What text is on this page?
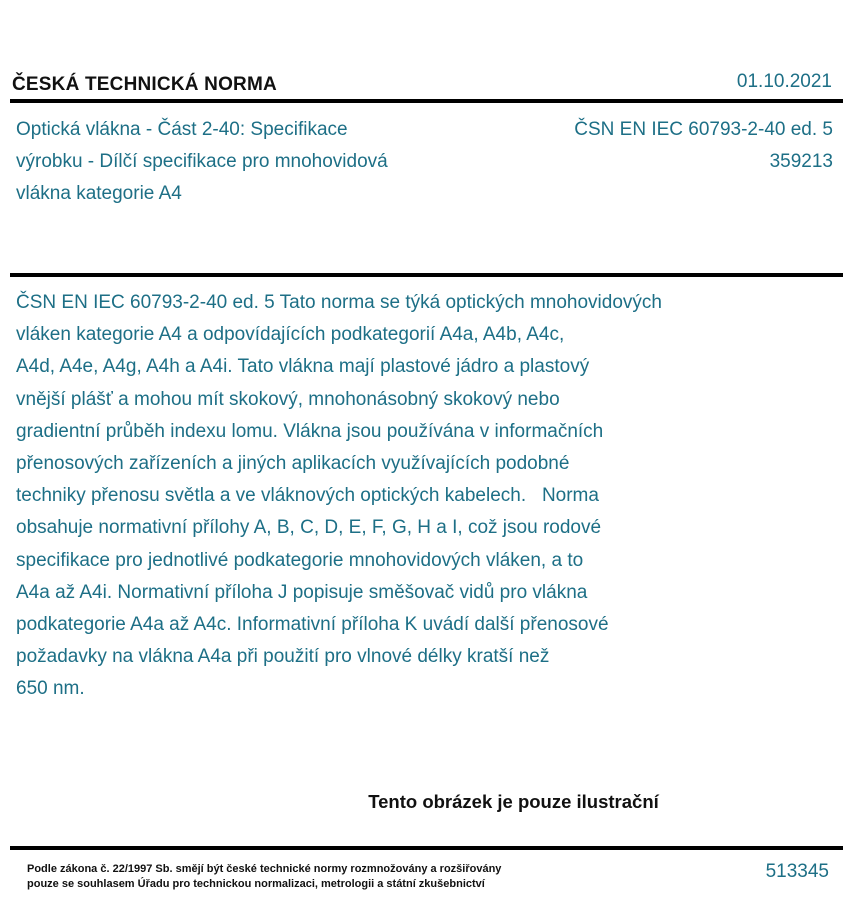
ČESKÁ TECHNICKÁ NORMA	01.10.2021
Optická vlákna - Část 2-40: Specifikace
výrobku - Dílčí specifikace pro mnohovidová
vlákna kategorie A4
ČSN EN IEC 60793-2-40 ed. 5
359213
ČSN EN IEC 60793-2-40 ed. 5 Tato norma se týká optických mnohovidových
vláken kategorie A4 a odpovídajících podkategorií A4a, A4b, A4c,
A4d, A4e, A4g, A4h a A4i. Tato vlákna mají plastové jádro a plastový
vnější plášť a mohou mít skokový, mnohonásobný skokový nebo
gradientní průběh indexu lomu. Vlákna jsou používána v informačních
přenosových zařízeních a jiných aplikacích využívajících podobné
techniky přenosu světla a ve vláknových optických kabelech.   Norma
obsahuje normativní přílohy A, B, C, D, E, F, G, H a I, což jsou rodové
specifikace pro jednotlivé podkategorie mnohovidových vláken, a to
A4a až A4i. Normativní příloha J popisuje směšovač vidů pro vlákna
podkategorie A4a až A4c. Informativní příloha K uvádí další přenosové
požadavky na vlákna A4a při použití pro vlnové délky kratší než
650 nm.
Tento obrázek je pouze ilustrační
Podle zákona č. 22/1997 Sb. smějí být české technické normy rozmnožovány a rozšiřovány
pouze se souhlasem Úřadu pro technickou normalizaci, metrologii a státní zkušebnictví
513345
